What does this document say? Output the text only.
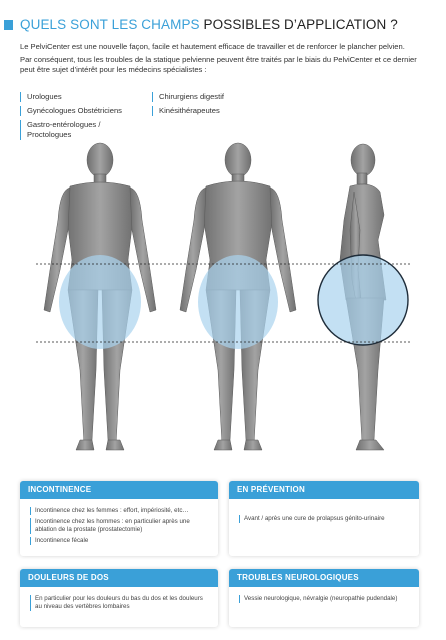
QUELS SONT LES CHAMPS POSSIBLES D’APPLICATION ?

Le PelviCenter est une nouvelle façon, facile et hautement efficace de travailler et de renforcer le plancher pelvien.

Par conséquent, tous les troubles de la statique pelvienne peuvent être traités par le biais du PelviCenter et ce dernier peut être sujet d’intérêt pour les médecins spécialistes :

Urologues
Gynécologues Obstétriciens
Gastro-entérologues / Proctologues
Chirurgiens digestif
Kinésithérapeutes
INCONTINENCE
Incontinence chez les femmes : effort, impériosité, etc…
Incontinence chez les hommes : en particulier après une ablation de la prostate (prostatectomie)
Incontinence fécale
EN PRÉVENTION
Avant / après une cure de prolapsus génito-urinaire
DOULEURS DE DOS
En particulier pour les douleurs du bas du dos et les douleurs au niveau des vertèbres lombaires
TROUBLES NEUROLOGIQUES
Vessie neurologique, névralgie (neuropathie pudendale)
